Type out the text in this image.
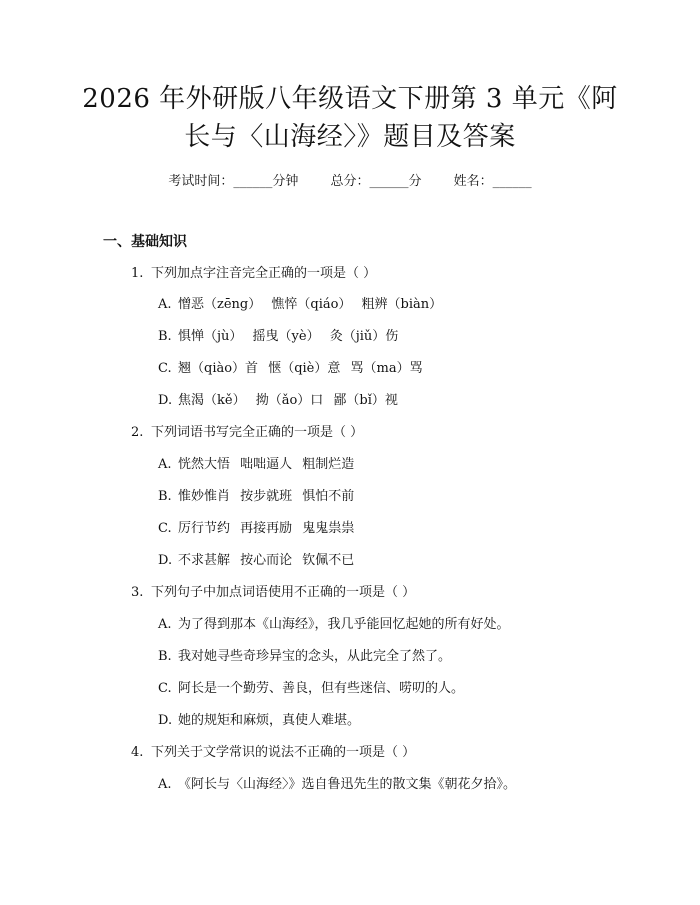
2026 年外研版八年级语文下册第 3 单元《阿
长与〈山海经〉》题目及答案
考试时间：______分钟 总分：______分 姓名：______
一、基础知识
1. 下列加点字注音完全正确的一项是（ ）
A. 憎恶（zēng） 憔悴（qiáo） 粗辨（biàn）
B. 惧惮（jù） 摇曳（yè） 灸（jiǔ）伤
C. 翘（qiào）首 惬（qiè）意 骂（ma）骂
D. 焦渴（kě） 拗（ǎo）口 鄙（bǐ）视
2. 下列词语书写完全正确的一项是（ ）
A. 恍然大悟 咄咄逼人 粗制烂造
B. 惟妙惟肖 按步就班 惧怕不前
C. 厉行节约 再接再励 鬼鬼祟祟
D. 不求甚解 按心而论 钦佩不已
3. 下列句子中加点词语使用不正确的一项是（ ）
A. 为了得到那本《山海经》，我几乎能回忆起她的所有好处。
B. 我对她寻些奇珍异宝的念头，从此完全了然了。
C. 阿长是一个勤劳、善良，但有些迷信、唠叨的人。
D. 她的规矩和麻烦，真使人难堪。
4. 下列关于文学常识的说法不正确的一项是（ ）
A. 《阿长与〈山海经〉》选自鲁迅先生的散文集《朝花夕拾》。
